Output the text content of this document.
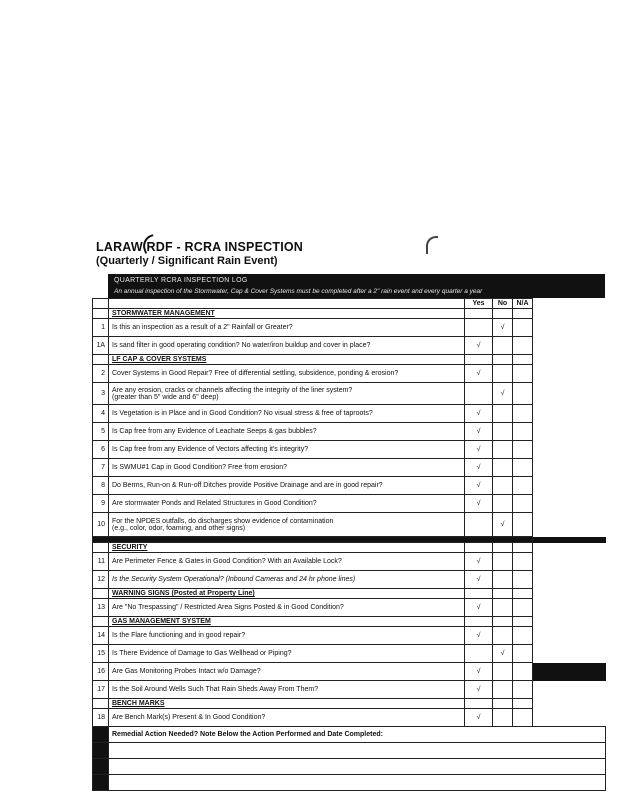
LARAW RDF - RCRA INSPECTION
(Quarterly / Significant Rain Event)
QUARTERLY RCRA INSPECTION LOG
An annual inspection of the Stormwater, Cap & Cover Systems must be completed after a 2" rain event and every quarter a year
		Yes	No	N/A	
	STORMWATER MANAGEMENT				
1	Is this an inspection as a result of a 2" Rainfall or Greater?		√		
1A	Is sand filter in good operating condition? No water/iron buildup and cover in place?	√			
	LF CAP & COVER SYSTEMS				
2	Cover Systems in Good Repair? Free of differential settling, subsidence, ponding & erosion?	√			
3	Are any erosion, cracks or channels affecting the integrity of the liner system?
(greater than 5" wide and 6" deep)		√		
4	Is Vegetation is in Place and in Good Condition? No visual stress & free of taproots?	√			
5	Is Cap free from any Evidence of Leachate Seeps & gas bubbles?	√			
6	Is Cap free from any Evidence of Vectors affecting it's integrity?	√			
7	Is SWMU#1 Cap in Good Condition? Free from erosion?	√			
8	Do Berms, Run-on & Run-off Ditches provide Positive Drainage and are in good repair?	√			
9	Are stormwater Ponds and Related Structures in Good Condition?	√			
10	For the NPDES outfalls, do discharges show evidence of contamination
(e.g., color, odor, foaming, and other signs)		√		

	SECURITY				
11	Are Perimeter Fence & Gates in Good Condition? With an Available Lock?	√			
12	Is the Security System Operational? (Inbound Cameras and 24 hr phone lines)	√			
	WARNING SIGNS (Posted at Property Line)				
13	Are "No Trespassing" / Restricted Area Signs Posted & in Good Condition?	√			
	GAS MANAGEMENT SYSTEM				
14	Is the Flare functioning and in good repair?	√			
15	Is There Evidence of Damage to Gas Wellhead or Piping?		√		
16	Are Gas Monitoring Probes Intact w/o Damage?	√			
17	Is the Soil Around Wells Such That Rain Sheds Away From Them?	√			
	BENCH MARKS				
18	Are Bench Mark(s) Present & In Good Condition?	√			
	Remedial Action Needed? Note Below the Action Performed and Date Completed:				
